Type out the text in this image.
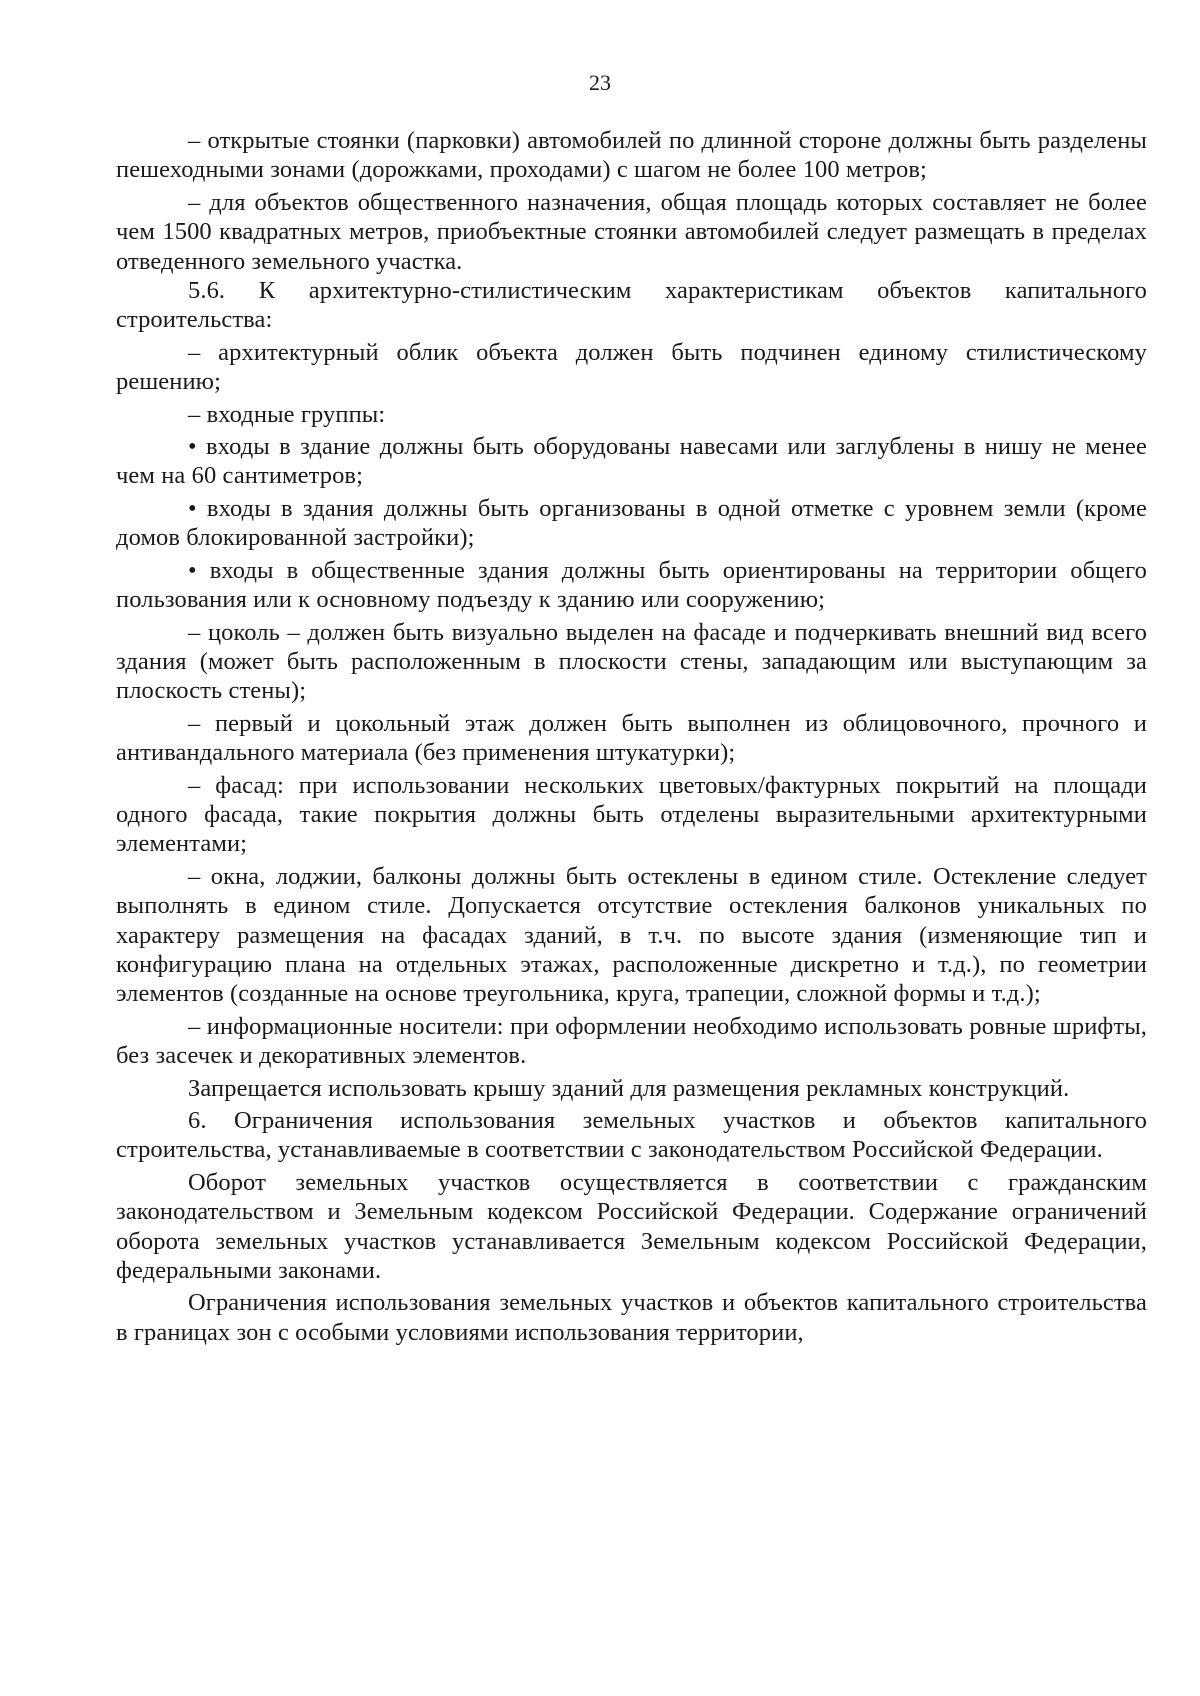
23

– открытые стоянки (парковки) автомобилей по длинной стороне должны быть разделены пешеходными зонами (дорожками, проходами) с шагом не более 100 метров;

– для объектов общественного назначения, общая площадь которых составляет не более чем 1500 квадратных метров, приобъектные стоянки автомобилей следует размещать в пределах отведенного земельного участка.

5.6. К архитектурно-стилистическим характеристикам объектов капитального строительства:

– архитектурный облик объекта должен быть подчинен единому стилистическому решению;

– входные группы:

• входы в здание должны быть оборудованы навесами или заглублены в нишу не менее чем на 60 сантиметров;

• входы в здания должны быть организованы в одной отметке с уровнем земли (кроме домов блокированной застройки);

• входы в общественные здания должны быть ориентированы на территории общего пользования или к основному подъезду к зданию или сооружению;

– цоколь – должен быть визуально выделен на фасаде и подчеркивать внешний вид всего здания (может быть расположенным в плоскости стены, западающим или выступающим за плоскость стены);

– первый и цокольный этаж должен быть выполнен из облицовочного, прочного и антивандального материала (без применения штукатурки);

– фасад: при использовании нескольких цветовых/фактурных покрытий на площади одного фасада, такие покрытия должны быть отделены выразительными архитектурными элементами;

– окна, лоджии, балконы должны быть остеклены в едином стиле. Остекление следует выполнять в едином стиле. Допускается отсутствие остекления балконов уникальных по характеру размещения на фасадах зданий, в т.ч. по высоте здания (изменяющие тип и конфигурацию плана на отдельных этажах, расположенные дискретно и т.д.), по геометрии элементов (созданные на основе треугольника, круга, трапеции, сложной формы и т.д.);

– информационные носители: при оформлении необходимо использовать ровные шрифты, без засечек и декоративных элементов.

Запрещается использовать крышу зданий для размещения рекламных конструкций.

6. Ограничения использования земельных участков и объектов капитального строительства, устанавливаемые в соответствии с законодательством Российской Федерации.

Оборот земельных участков осуществляется в соответствии с гражданским законодательством и Земельным кодексом Российской Федерации. Содержание ограничений оборота земельных участков устанавливается Земельным кодексом Российской Федерации, федеральными законами.

Ограничения использования земельных участков и объектов капитального строительства в границах зон с особыми условиями использования территории,
